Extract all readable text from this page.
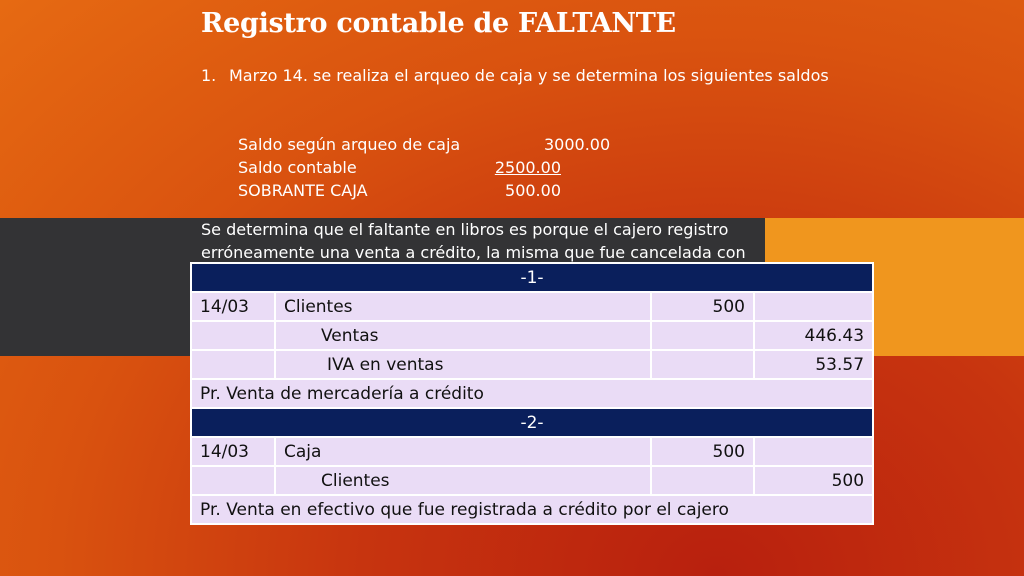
Registro contable de FALTANTE
1. Marzo 14. se realiza el arqueo de caja y se determina los siguientes saldos
Saldo según arqueo de caja	3000.00
Saldo contable	2500.00
SOBRANTE CAJA	500.00
Se determina que el faltante en libros es porque el cajero registro erróneamente una venta a crédito, la misma que fue cancelada con
-1-			
14/03	Clientes	500	
	Ventas		446.43
	IVA en ventas		53.57
Pr. Venta de mercadería a crédito			
-2-			
14/03	Caja	500	
	Clientes		500
Pr. Venta en efectivo que fue registrada a crédito por el cajero			
